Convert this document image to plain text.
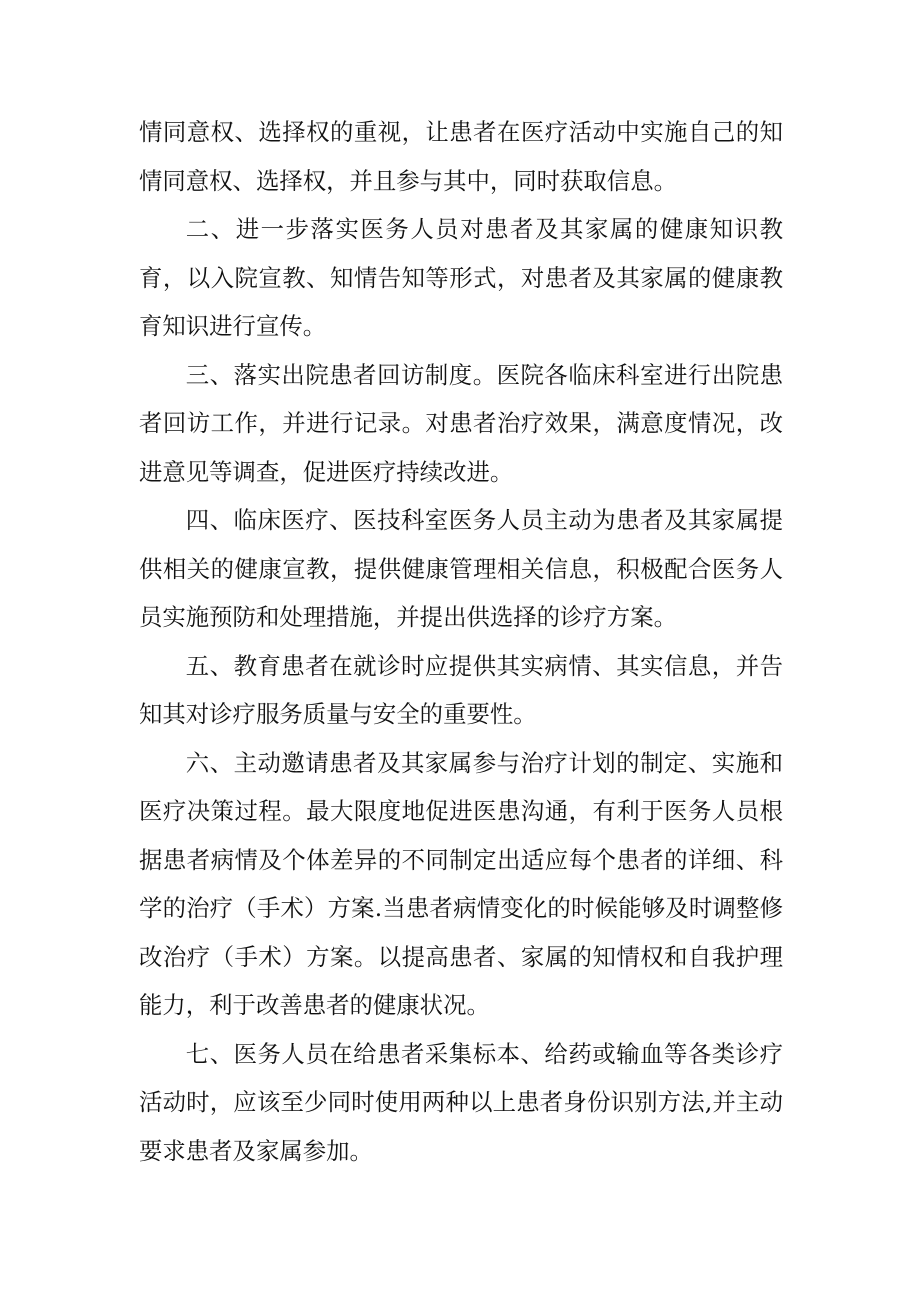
情同意权、选择权的重视，让患者在医疗活动中实施自己的知情同意权、选择权，并且参与其中，同时获取信息。

二、进一步落实医务人员对患者及其家属的健康知识教育，以入院宣教、知情告知等形式，对患者及其家属的健康教育知识进行宣传。

三、落实出院患者回访制度。医院各临床科室进行出院患者回访工作，并进行记录。对患者治疗效果，满意度情况，改进意见等调查，促进医疗持续改进。

四、临床医疗、医技科室医务人员主动为患者及其家属提供相关的健康宣教，提供健康管理相关信息，积极配合医务人员实施预防和处理措施，并提出供选择的诊疗方案。

五、教育患者在就诊时应提供其实病情、其实信息，并告知其对诊疗服务质量与安全的重要性。

六、主动邀请患者及其家属参与治疗计划的制定、实施和医疗决策过程。最大限度地促进医患沟通，有利于医务人员根据患者病情及个体差异的不同制定出适应每个患者的详细、科学的治疗（手术）方案.当患者病情变化的时候能够及时调整修改治疗（手术）方案。以提高患者、家属的知情权和自我护理能力，利于改善患者的健康状况。

七、医务人员在给患者采集标本、给药或输血等各类诊疗活动时，应该至少同时使用两种以上患者身份识别方法,并主动要求患者及家属参加。
